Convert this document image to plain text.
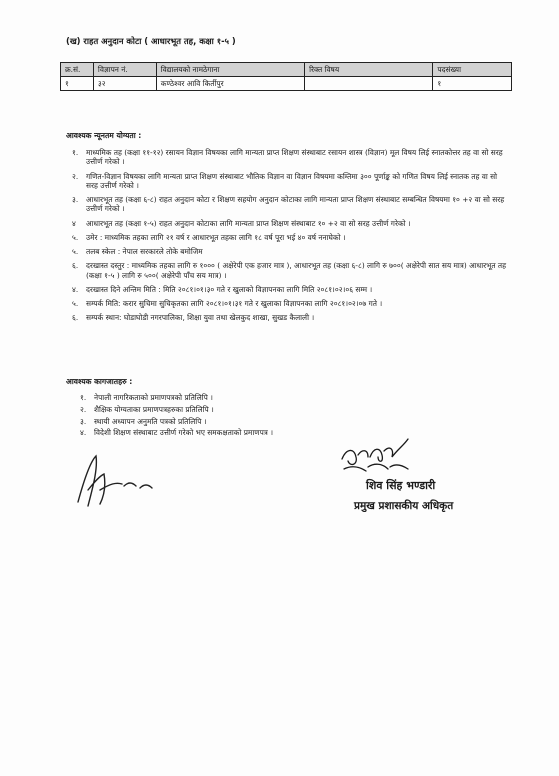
(ख) राहत अनुदान कोटा ( आधारभूत तह, कक्षा १-५ )
क्र.सं.	विज्ञापन नं.	विद्यालयको नामठेगाना	रिक्त विषय	पदसंख्या
१	३२	कण्ठेश्वर आवि किर्तीपुर		१
आवश्यक न्यूनतम योग्यता :
१.	माध्यमिक तह (कक्षा ११-१२) रसायन विज्ञान विषयका लागि मान्यता प्राप्त शिक्षण संस्थाबाट रसायन शास्त्र (विज्ञान) मूल विषय लिई स्नातकोत्तर तह वा सो सरह उत्तीर्ण गरेको ।
२.	गणित-विज्ञान विषयका लागि मान्यता प्राप्त शिक्षण संस्थाबाट भौतिक विज्ञान वा विज्ञान विषयमा कम्तिमा ३०० पूर्णाङ्क को गणित विषय लिई स्नातक तह वा सो सरह उत्तीर्ण गरेको ।
३.	आधारभूत तह (कक्षा ६-८) राहत अनुदान कोटा र शिक्षण सहयोग अनुदान कोटाका लागि मान्यता प्राप्त शिक्षण संस्थाबाट सम्बन्धित विषयमा १० +२ वा सो सरह उत्तीर्ण गरेको ।
४	आधारभूत तह (कक्षा १-५) राहत अनुदान कोटाका लागि मान्यता प्राप्त शिक्षण संस्थाबाट १० +२ वा सो सरह उत्तीर्ण गरेको ।
५.	उमेर : माध्यमिक तहका लागि २१ वर्ष र आधारभूत तहका लागि १८ वर्ष पूरा भई ४० वर्ष ननाघेको ।
५.	तलब स्केल : नेपाल सरकारले तोके बमोजिम
६.	दरखास्त दस्तुर : माध्यमिक तहका लागि रु १००० ( अक्षेरेपी एक हजार मात्र ), आधारभूत तह (कक्षा ६-८) लागि रु ७००( अक्षेरेपी सात सय मात्र) आधारभूत तह (कक्षा १-५ ) लागि रु ५००( अक्षेरेपी पाँच सय मात्र) ।
४.	दरखास्त दिने अन्तिम मिति : मिति २०८१।०१।३० गते र खुलाको विज्ञापनका लागि मिति २०८१।०२।०६ सम्म ।
५.	सम्पर्क मिति: करार सुचिमा सुचिकृतका लागि २०८१।०१।३१ गते र खुलाका विज्ञापनका लागि २०८१।०२।०७ गते ।
६.	सम्पर्क स्थान: घोडाघोडी नगरपालिका, शिक्षा युवा तथा खेलकुद शाखा, सुखड कैलाली ।
आवश्यक कागजातहरु :
१.	नेपाली नागरिकताको प्रमाणपत्रको प्रतिलिपि ।
२.	शैक्षिक योग्यताका प्रमाणपत्रहरुका प्रतिलिपि ।
३.	स्थायी अध्यापन अनुमति पत्रको प्रतिलिपि ।
४.	विदेशी शिक्षण संस्थाबाट उत्तीर्ण गरेको भए समकक्षताको प्रमाणपत्र ।
शिव सिंह भण्डारी
प्रमुख प्रशासकीय अधिकृत
